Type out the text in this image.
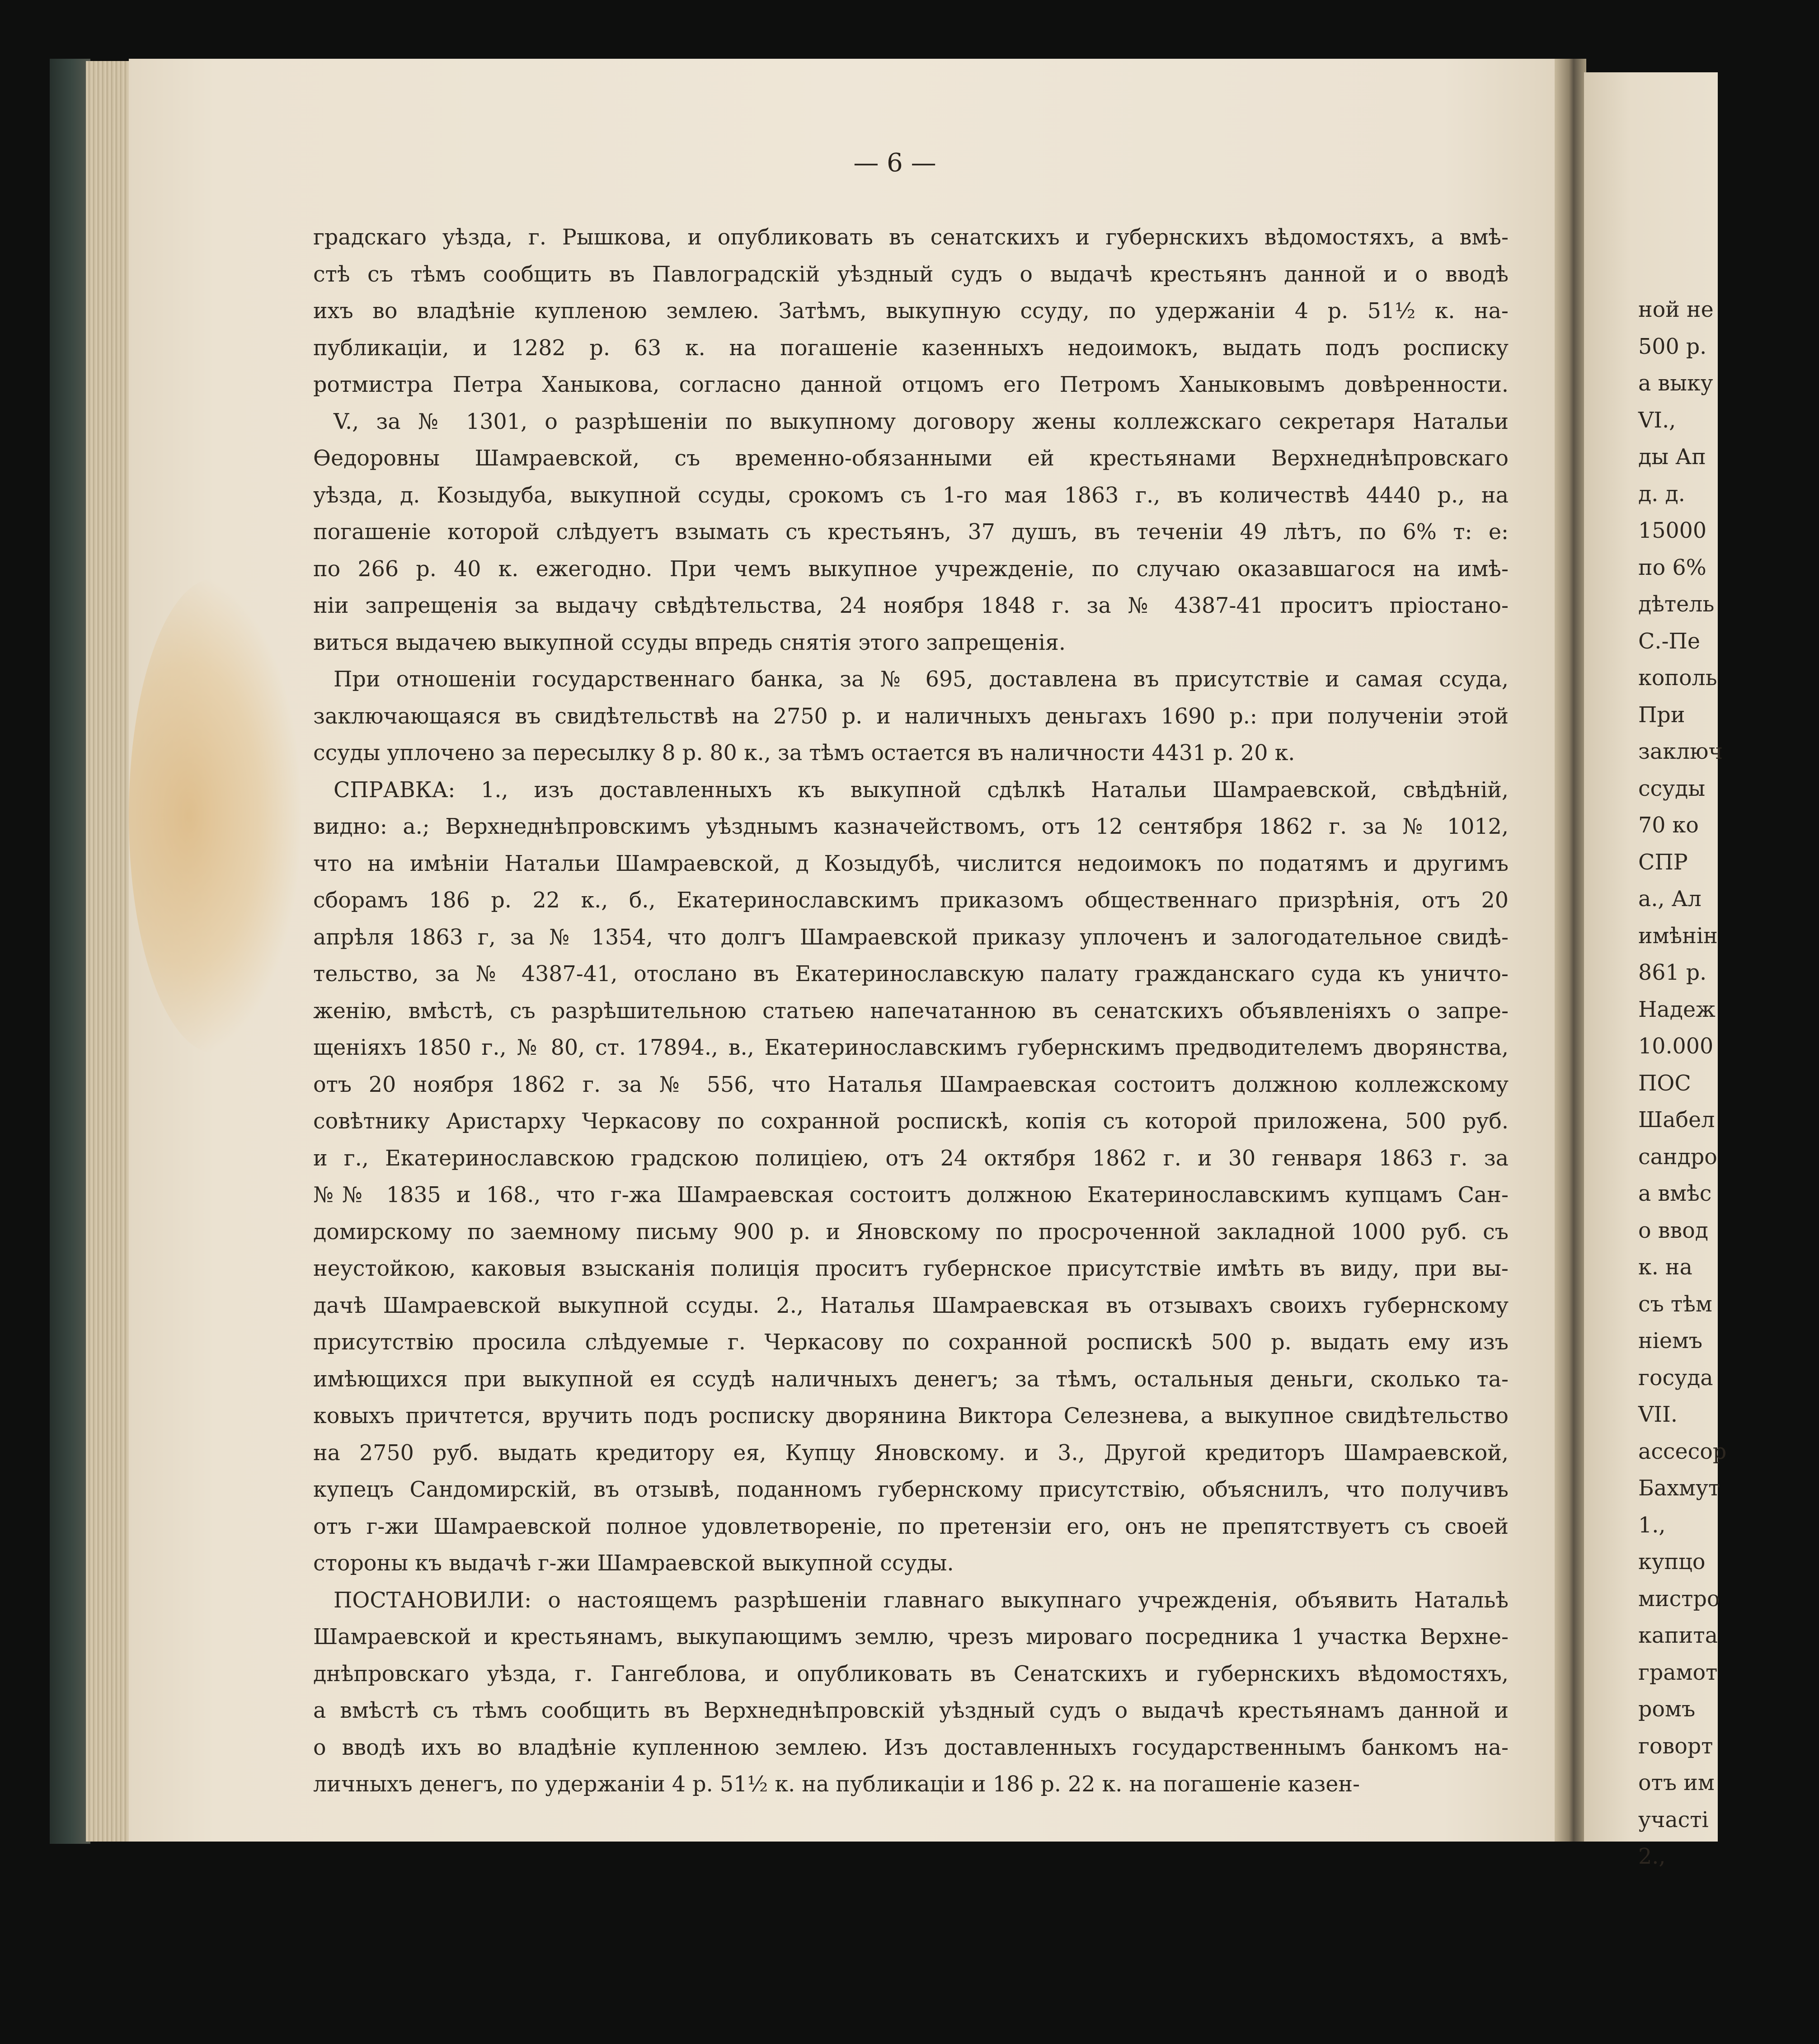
ной не
500 р.
а выку
VI.,
ды Ап
д. д.
15000
по 6%
дѣтель
С.-Пе
кополь
При
заключ
ссуды
70 ко
СПР
а., Ал
имѣнін
861 р.
Надеж
10.000
ПОС
Шабел
сандро
а вмѣс
о ввод
к. на
съ тѣм
ніемъ
госуда
VII.
ассесор
Бахмут
1.,
купцо
мистро
капита
грамот
ромъ
говорт
отъ им
участі
2.,
— 6 —
градскаго уѣзда, г. Рышкова, и опубликовать въ сенатскихъ и губернскихъ вѣдомостяхъ, а вмѣ-
стѣ съ тѣмъ сообщить въ Павлоградскій уѣздный судъ о выдачѣ крестьянъ данной и о вводѣ
ихъ во владѣніе купленою землею. Затѣмъ, выкупную ссуду, по удержаніи 4 р. 51½ к. на-
публикаціи, и 1282 р. 63 к. на погашеніе казенныхъ недоимокъ, выдать подъ росписку
ротмистра Петра Ханыкова, согласно данной отцомъ его Петромъ Ханыковымъ довѣренности.
V., за № 1301, о разрѣшеніи по выкупному договору жены коллежскаго секретаря Натальи
Ѳедоровны Шамраевской, съ временно-обязанными ей крестьянами Верхнеднѣпровскаго
уѣзда, д. Козыдуба, выкупной ссуды, срокомъ съ 1-го мая 1863 г., въ количествѣ 4440 р., на
погашеніе которой слѣдуетъ взымать съ крестьянъ, 37 душъ, въ теченіи 49 лѣтъ, по 6% т: е:
по 266 р. 40 к. ежегодно. При чемъ выкупное учрежденіе, по случаю оказавшагося на имѣ-
ніи запрещенія за выдачу свѣдѣтельства, 24 ноября 1848 г. за № 4387-41 проситъ пріостано-
виться выдачею выкупной ссуды впредь снятія этого запрещенія.
При отношеніи государственнаго банка, за № 695, доставлена въ присутствіе и самая ссуда,
заключающаяся въ свидѣтельствѣ на 2750 р. и наличныхъ деньгахъ 1690 р.: при полученіи этой
ссуды уплочено за пересылку 8 р. 80 к., за тѣмъ остается въ наличности 4431 р. 20 к.
СПРАВКА: 1., изъ доставленныхъ къ выкупной сдѣлкѣ Натальи Шамраевской, свѣдѣній,
видно: а.; Верхнеднѣпровскимъ уѣзднымъ казначействомъ, отъ 12 сентября 1862 г. за № 1012,
что на имѣніи Натальи Шамраевской, д Козыдубѣ, числится недоимокъ по податямъ и другимъ
сборамъ 186 р. 22 к., б., Екатеринославскимъ приказомъ общественнаго призрѣнія, отъ 20
апрѣля 1863 г, за № 1354, что долгъ Шамраевской приказу уплоченъ и залогодательное свидѣ-
тельство, за № 4387-41, отослано въ Екатеринославскую палату гражданскаго суда къ уничто-
женію, вмѣстѣ, съ разрѣшительною статьею напечатанною въ сенатскихъ объявленіяхъ о запре-
щеніяхъ 1850 г., № 80, ст. 17894., в., Екатеринославскимъ губернскимъ предводителемъ дворянства,
отъ 20 ноября 1862 г. за № 556, что Наталья Шамраевская состоитъ должною коллежскому
совѣтнику Аристарху Черкасову по сохранной роспискѣ, копія съ которой приложена, 500 руб.
и г., Екатеринославскою градскою полиціею, отъ 24 октября 1862 г. и 30 генваря 1863 г. за
№№ 1835 и 168., что г-жа Шамраевская состоитъ должною Екатеринославскимъ купцамъ Сан-
домирскому по заемному письму 900 р. и Яновскому по просроченной закладной 1000 руб. съ
неустойкою, каковыя взысканія полиція проситъ губернское присутствіе имѣть въ виду, при вы-
дачѣ Шамраевской выкупной ссуды. 2., Наталья Шамраевская въ отзывахъ своихъ губернскому
присутствію просила слѣдуемые г. Черкасову по сохранной роспискѣ 500 р. выдать ему изъ
имѣющихся при выкупной ея ссудѣ наличныхъ денегъ; за тѣмъ, остальныя деньги, сколько та-
ковыхъ причтется, вручить подъ росписку дворянина Виктора Селезнева, а выкупное свидѣтельство
на 2750 руб. выдать кредитору ея, Купцу Яновскому. и 3., Другой кредиторъ Шамраевской,
купецъ Сандомирскій, въ отзывѣ, поданномъ губернскому присутствію, объяснилъ, что получивъ
отъ г-жи Шамраевской полное удовлетвореніе, по претензіи его, онъ не препятствуетъ съ своей
стороны къ выдачѣ г-жи Шамраевской выкупной ссуды.
ПОСТАНОВИЛИ: о настоящемъ разрѣшеніи главнаго выкупнаго учрежденія, объявить Натальѣ
Шамраевской и крестьянамъ, выкупающимъ землю, чрезъ мироваго посредника 1 участка Верхне-
днѣпровскаго уѣзда, г. Гангеблова, и опубликовать въ Сенатскихъ и губернскихъ вѣдомостяхъ,
а вмѣстѣ съ тѣмъ сообщить въ Верхнеднѣпровскій уѣздный судъ о выдачѣ крестьянамъ данной и
о вводѣ ихъ во владѣніе купленною землею. Изъ доставленныхъ государственнымъ банкомъ на-
личныхъ денегъ, по удержаніи 4 р. 51½ к. на публикаціи и 186 р. 22 к. на погашеніе казен-
